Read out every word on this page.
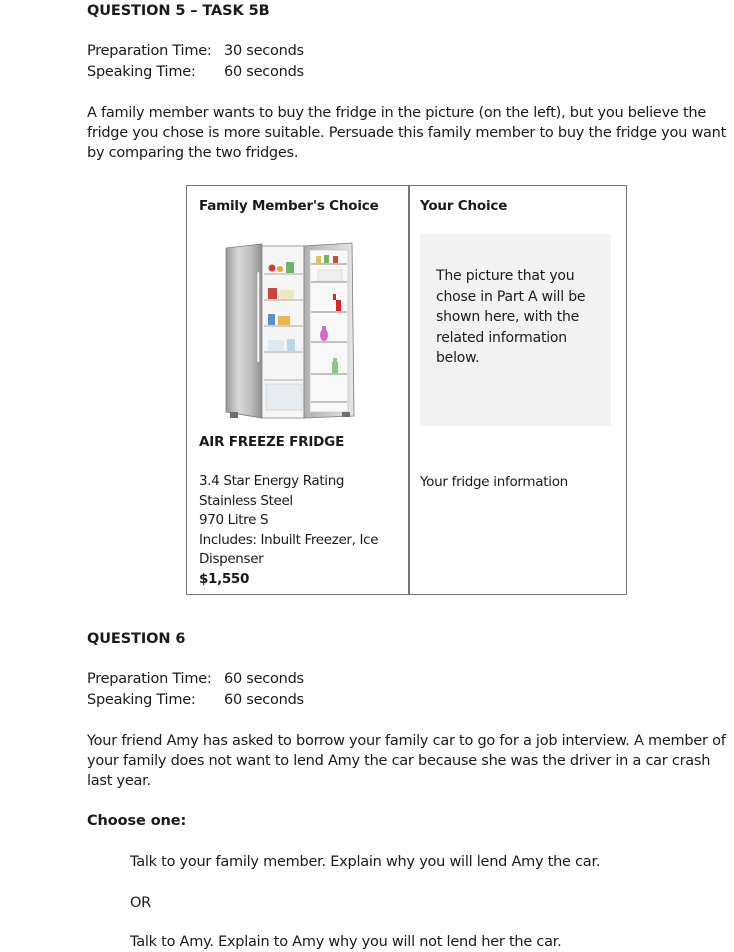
QUESTION 5 – TASK 5B
Preparation Time: 30 seconds
Speaking Time: 60 seconds
A family member wants to buy the fridge in the picture (on the left), but you believe the fridge you chose is more suitable. Persuade this family member to buy the fridge you want by comparing the two fridges.
Family Member's Choice	Your Choice
AIR FREEZE FRIDGE
3.4 Star Energy Rating
Stainless Steel
970 Litre S
Includes: Inbuilt Freezer, Ice Dispenser
$1,550
The picture that you chose in Part A will be shown here, with the related information below.
Your fridge information
QUESTION 6
Preparation Time: 60 seconds
Speaking Time: 60 seconds
Your friend Amy has asked to borrow your family car to go for a job interview. A member of your family does not want to lend Amy the car because she was the driver in a car crash last year.
Choose one:
Talk to your family member. Explain why you will lend Amy the car.
OR
Talk to Amy. Explain to Amy why you will not lend her the car.
